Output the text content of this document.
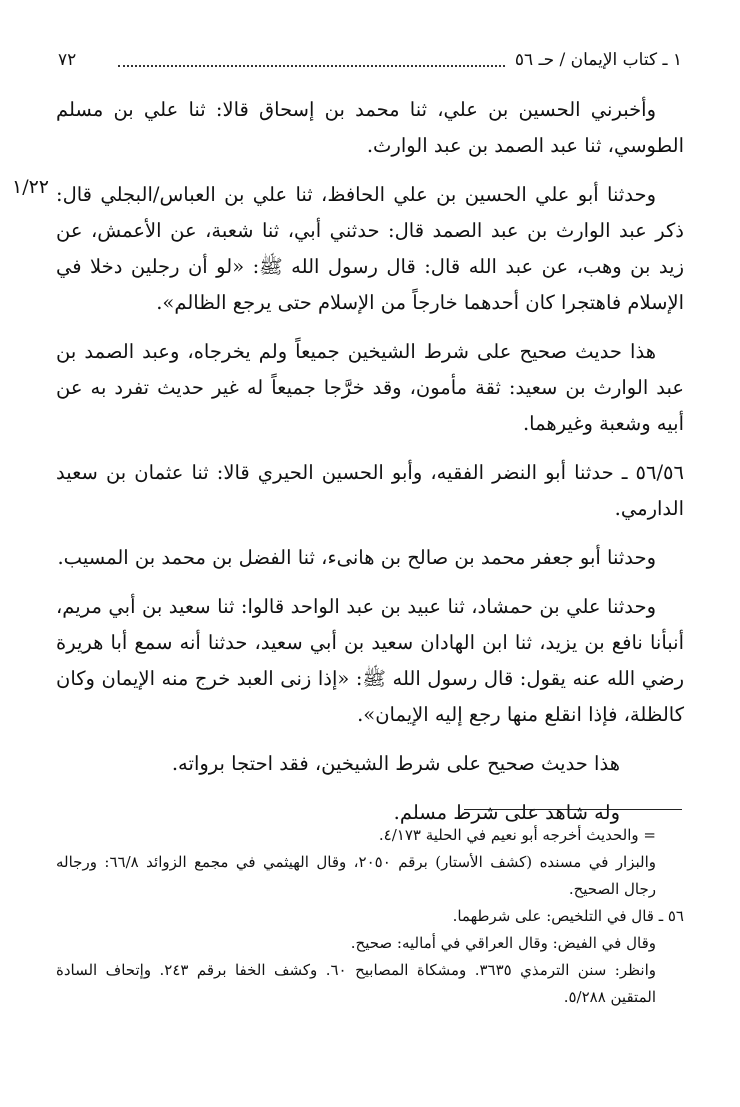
٧٢	١ ـ كتاب الإيمان / حـ ٥٦
١/٢٢

وأخبرني الحسين بن علي، ثنا محمد بن إسحاق قالا: ثنا علي بن مسلم الطوسي، ثنا عبد الصمد بن عبد الوارث.

وحدثنا أبو علي الحسين بن علي الحافظ، ثنا علي بن العباس/البجلي قال: ذكر عبد الوارث بن عبد الصمد قال: حدثني أبي، ثنا شعبة، عن الأعمش، عن زيد بن وهب، عن عبد الله قال: قال رسول الله ﷺ: «لو أن رجلين دخلا في الإسلام فاهتجرا كان أحدهما خارجاً من الإسلام حتى يرجع الظالم».

هذا حديث صحيح على شرط الشيخين جميعاً ولم يخرجاه، وعبد الصمد بن عبد الوارث بن سعيد: ثقة مأمون، وقد خرَّجا جميعاً له غير حديث تفرد به عن أبيه وشعبة وغيرهما.

٥٦/٥٦ ـ حدثنا أبو النضر الفقيه، وأبو الحسين الحيري قالا: ثنا عثمان بن سعيد الدارمي.

وحدثنا أبو جعفر محمد بن صالح بن هانىء، ثنا الفضل بن محمد بن المسيب.

وحدثنا علي بن حمشاد، ثنا عبيد بن عبد الواحد قالوا: ثنا سعيد بن أبي مريم، أنبأنا نافع بن يزيد، ثنا ابن الهادان سعيد بن أبي سعيد، حدثنا أنه سمع أبا هريرة رضي الله عنه يقول: قال رسول الله ﷺ: «إذا زنى العبد خرج منه الإيمان وكان كالظلة، فإذا انقلع منها رجع إليه الإيمان».

هذا حديث صحيح على شرط الشيخين، فقد احتجا برواته.

وله شاهد على شرط مسلم.

= والحديث أخرجه أبو نعيم في الحلية ٤/١٧٣.

والبزار في مسنده (كشف الأستار) برقم ٢٠٥٠، وقال الهيثمي في مجمع الزوائد ٦٦/٨: ورجاله رجال الصحيح.

٥٦ ـ قال في التلخيص: على شرطهما.

وقال في الفيض: وقال العراقي في أماليه: صحيح.

وانظر: سنن الترمذي ٣٦٣٥. ومشكاة المصابيح ٦٠. وكشف الخفا برقم ٢٤٣. وإتحاف السادة المتقين ٥/٢٨٨.
